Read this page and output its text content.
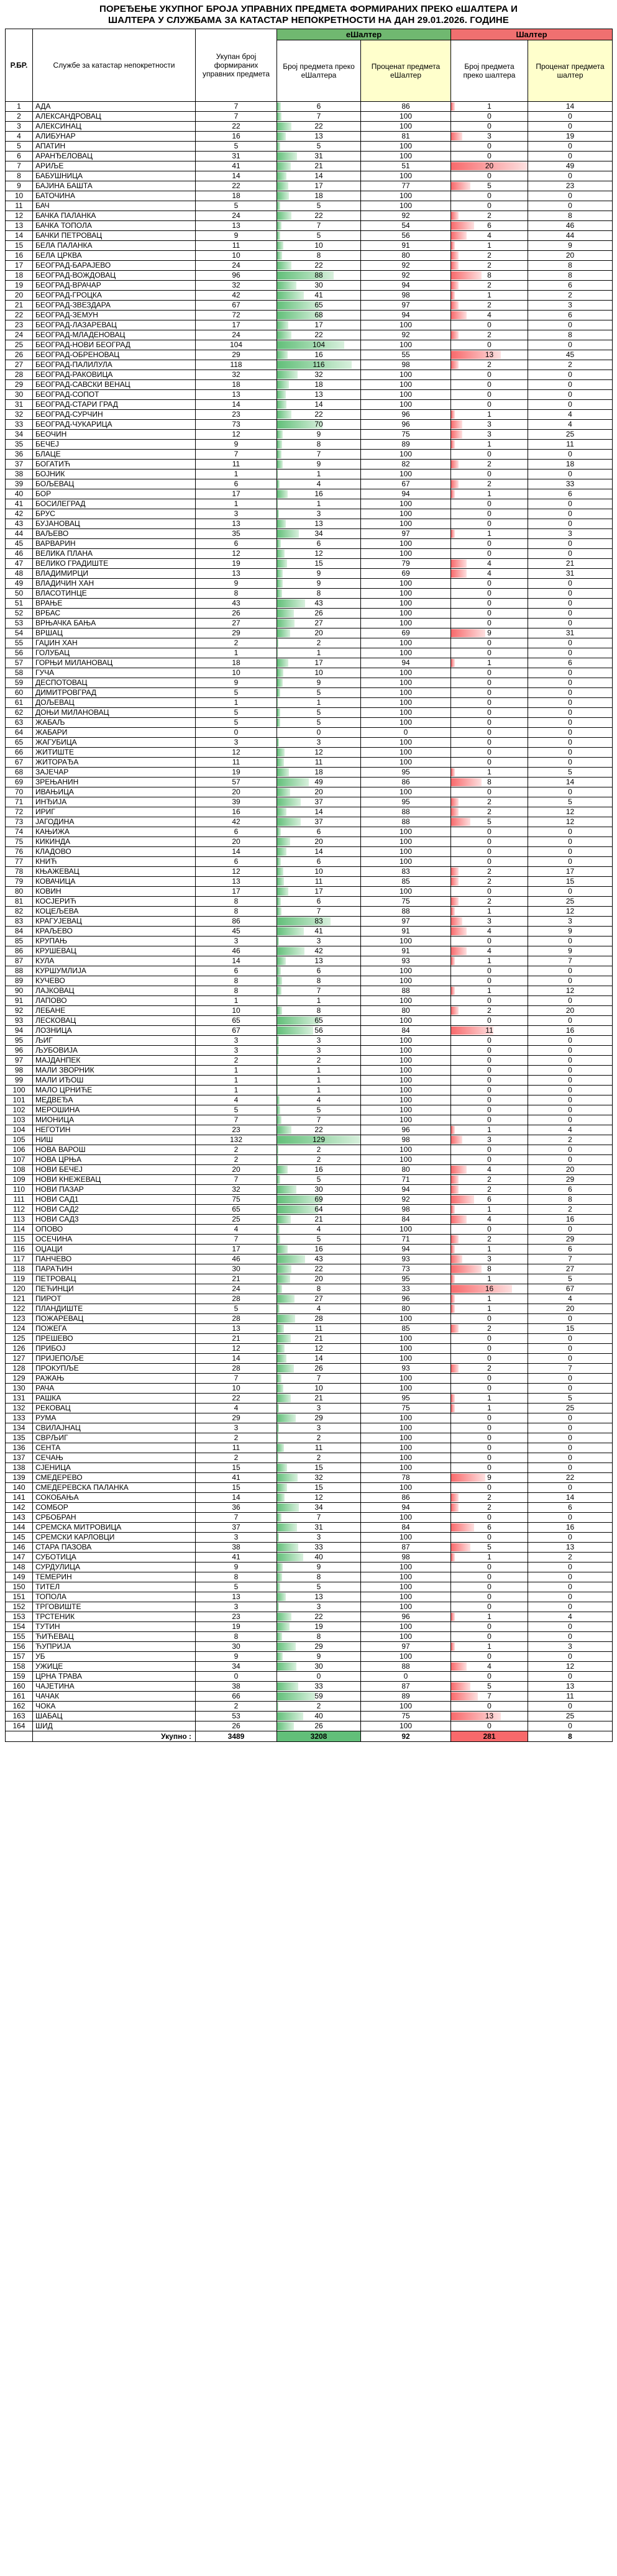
ПОРЕЂЕЊЕ УКУПНОГ БРОЈА УПРАВНИХ ПРЕДМЕТА ФОРМИРАНИХ ПРЕКО еШАЛТЕРА И
ШАЛТЕРА У СЛУЖБАМА ЗА КАТАСТАР НЕПОКРЕТНОСТИ НА ДАН 29.01.2026. ГОДИНЕ
Р.БР.	Службе за катастар непокретности	Укупан број формираних управних предмета	еШалтер		Шалтер	
			Број предмета преко еШалтера	Проценат предмета еШалтер	Број предмета преко шалтера	Проценат предмета шалтер
1	АДА	7	6	86	1	14
2	АЛЕКСАНДРОВАЦ	7	7	100	0	0
3	АЛЕКСИНАЦ	22	22	100	0	0
4	АЛИБУНАР	16	13	81	3	19
5	АПАТИН	5	5	100	0	0
6	АРАНЂЕЛОВАЦ	31	31	100	0	0
7	АРИЉЕ	41	21	51	20	49
8	БАБУШНИЦА	14	14	100	0	0
9	БАЈИНА БАШТА	22	17	77	5	23
10	БАТОЧИНА	18	18	100	0	0
11	БАЧ	5	5	100	0	0
12	БАЧКА ПАЛАНКА	24	22	92	2	8
13	БАЧКА ТОПОЛА	13	7	54	6	46
14	БАЧКИ ПЕТРОВАЦ	9	5	56	4	44
15	БЕЛА ПАЛАНКА	11	10	91	1	9
16	БЕЛА ЦРКВА	10	8	80	2	20
17	БЕОГРАД-БАРАЈЕВО	24	22	92	2	8
18	БЕОГРАД-ВОЖДОВАЦ	96	88	92	8	8
19	БЕОГРАД-ВРАЧАР	32	30	94	2	6
20	БЕОГРАД-ГРОЦКА	42	41	98	1	2
21	БЕОГРАД-ЗВЕЗДАРА	67	65	97	2	3
22	БЕОГРАД-ЗЕМУН	72	68	94	4	6
23	БЕОГРАД-ЛАЗАРЕВАЦ	17	17	100	0	0
24	БЕОГРАД-МЛАДЕНОВАЦ	24	22	92	2	8
25	БЕОГРАД-НОВИ БЕОГРАД	104	104	100	0	0
26	БЕОГРАД-ОБРЕНОВАЦ	29	16	55	13	45
27	БЕОГРАД-ПАЛИЛУЛА	118	116	98	2	2
28	БЕОГРАД-РАКОВИЦА	32	32	100	0	0
29	БЕОГРАД-САВСКИ ВЕНАЦ	18	18	100	0	0
30	БЕОГРАД-СОПОТ	13	13	100	0	0
31	БЕОГРАД-СТАРИ ГРАД	14	14	100	0	0
32	БЕОГРАД-СУРЧИН	23	22	96	1	4
33	БЕОГРАД-ЧУКАРИЦА	73	70	96	3	4
34	БЕОЧИН	12	9	75	3	25
35	БЕЧЕЈ	9	8	89	1	11
36	БЛАЦЕ	7	7	100	0	0
37	БОГАТИЋ	11	9	82	2	18
38	БОЈНИК	1	1	100	0	0
39	БОЉЕВАЦ	6	4	67	2	33
40	БОР	17	16	94	1	6
41	БОСИЛЕГРАД	1	1	100	0	0
42	БРУС	3	3	100	0	0
43	БУЈАНОВАЦ	13	13	100	0	0
44	ВАЉЕВО	35	34	97	1	3
45	ВАРВАРИН	6	6	100	0	0
46	ВЕЛИКА ПЛАНА	12	12	100	0	0
47	ВЕЛИКО ГРАДИШТЕ	19	15	79	4	21
48	ВЛАДИМИРЦИ	13	9	69	4	31
49	ВЛАДИЧИН ХАН	9	9	100	0	0
50	ВЛАСОТИНЦЕ	8	8	100	0	0
51	ВРАЊЕ	43	43	100	0	0
52	ВРБАС	26	26	100	0	0
53	ВРЊАЧКА БАЊА	27	27	100	0	0
54	ВРШАЦ	29	20	69	9	31
55	ГАЏИН ХАН	2	2	100	0	0
56	ГОЛУБАЦ	1	1	100	0	0
57	ГОРЊИ МИЛАНОВАЦ	18	17	94	1	6
58	ГУЧА	10	10	100	0	0
59	ДЕСПОТОВАЦ	9	9	100	0	0
60	ДИМИТРОВГРАД	5	5	100	0	0
61	ДОЉЕВАЦ	1	1	100	0	0
62	ДОЊИ МИЛАНОВАЦ	5	5	100	0	0
63	ЖАБАЉ	5	5	100	0	0
64	ЖАБАРИ	0	0	0	0	0
65	ЖАГУБИЦА	3	3	100	0	0
66	ЖИТИШТЕ	12	12	100	0	0
67	ЖИТОРАЂА	11	11	100	0	0
68	ЗАЈЕЧАР	19	18	95	1	5
69	ЗРЕЊАНИН	57	49	86	8	14
70	ИВАЊИЦА	20	20	100	0	0
71	ИНЂИЈА	39	37	95	2	5
72	ИРИГ	16	14	88	2	12
73	ЈАГОДИНА	42	37	88	5	12
74	КАЊИЖА	6	6	100	0	0
75	КИКИНДА	20	20	100	0	0
76	КЛАДОВО	14	14	100	0	0
77	КНИЋ	6	6	100	0	0
78	КЊАЖЕВАЦ	12	10	83	2	17
79	КОВАЧИЦА	13	11	85	2	15
80	КОВИН	17	17	100	0	0
81	КОСЈЕРИЋ	8	6	75	2	25
82	КОЦЕЉЕВА	8	7	88	1	12
83	КРАГУЈЕВАЦ	86	83	97	3	3
84	КРАЉЕВО	45	41	91	4	9
85	КРУПАЊ	3	3	100	0	0
86	КРУШЕВАЦ	46	42	91	4	9
87	КУЛА	14	13	93	1	7
88	КУРШУМЛИЈА	6	6	100	0	0
89	КУЧЕВО	8	8	100	0	0
90	ЛАЈКОВАЦ	8	7	88	1	12
91	ЛАПОВО	1	1	100	0	0
92	ЛЕБАНЕ	10	8	80	2	20
93	ЛЕСКОВАЦ	65	65	100	0	0
94	ЛОЗНИЦА	67	56	84	11	16
95	ЉИГ	3	3	100	0	0
96	ЉУБОВИЈА	3	3	100	0	0
97	МАЈДАНПЕК	2	2	100	0	0
98	МАЛИ ЗВОРНИК	1	1	100	0	0
99	МАЛИ ИЂОШ	1	1	100	0	0
100	МАЛО ЦРНИЋЕ	1	1	100	0	0
101	МЕДВЕЂА	4	4	100	0	0
102	МЕРОШИНА	5	5	100	0	0
103	МИОНИЦА	7	7	100	0	0
104	НЕГОТИН	23	22	96	1	4
105	НИШ	132	129	98	3	2
106	НОВА ВАРОШ	2	2	100	0	0
107	НОВА ЦРЊА	2	2	100	0	0
108	НОВИ БЕЧЕЈ	20	16	80	4	20
109	НОВИ КНЕЖЕВАЦ	7	5	71	2	29
110	НОВИ ПАЗАР	32	30	94	2	6
111	НОВИ САД1	75	69	92	6	8
112	НОВИ САД2	65	64	98	1	2
113	НОВИ САД3	25	21	84	4	16
114	ОПОВО	4	4	100	0	0
115	ОСЕЧИНА	7	5	71	2	29
116	ОЏАЦИ	17	16	94	1	6
117	ПАНЧЕВО	46	43	93	3	7
118	ПАРАЋИН	30	22	73	8	27
119	ПЕТРОВАЦ	21	20	95	1	5
120	ПЕЋИНЦИ	24	8	33	16	67
121	ПИРОТ	28	27	96	1	4
122	ПЛАНДИШТЕ	5	4	80	1	20
123	ПОЖАРЕВАЦ	28	28	100	0	0
124	ПОЖЕГА	13	11	85	2	15
125	ПРЕШЕВО	21	21	100	0	0
126	ПРИБОЈ	12	12	100	0	0
127	ПРИЈЕПОЉЕ	14	14	100	0	0
128	ПРОКУПЉЕ	28	26	93	2	7
129	РАЖАЊ	7	7	100	0	0
130	РАЧА	10	10	100	0	0
131	РАШКА	22	21	95	1	5
132	РЕКОВАЦ	4	3	75	1	25
133	РУМА	29	29	100	0	0
134	СВИЛАЈНАЦ	3	3	100	0	0
135	СВРЉИГ	2	2	100	0	0
136	СЕНТА	11	11	100	0	0
137	СЕЧАЊ	2	2	100	0	0
138	СЈЕНИЦА	15	15	100	0	0
139	СМЕДЕРЕВО	41	32	78	9	22
140	СМЕДЕРЕВСКА ПАЛАНКА	15	15	100	0	0
141	СОКОБАЊА	14	12	86	2	14
142	СОМБОР	36	34	94	2	6
143	СРБОБРАН	7	7	100	0	0
144	СРЕМСКА МИТРОВИЦА	37	31	84	6	16
145	СРЕМСКИ КАРЛОВЦИ	3	3	100	0	0
146	СТАРА ПАЗОВА	38	33	87	5	13
147	СУБОТИЦА	41	40	98	1	2
148	СУРДУЛИЦА	9	9	100	0	0
149	ТЕМЕРИН	8	8	100	0	0
150	ТИТЕЛ	5	5	100	0	0
151	ТОПОЛА	13	13	100	0	0
152	ТРГОВИШТЕ	3	3	100	0	0
153	ТРСТЕНИК	23	22	96	1	4
154	ТУТИН	19	19	100	0	0
155	ЋИЋЕВАЦ	8	8	100	0	0
156	ЋУПРИЈА	30	29	97	1	3
157	УБ	9	9	100	0	0
158	УЖИЦЕ	34	30	88	4	12
159	ЦРНА ТРАВА	0	0	0	0	0
160	ЧАЈЕТИНА	38	33	87	5	13
161	ЧАЧАК	66	59	89	7	11
162	ЧОКА	2	2	100	0	0
163	ШАБАЦ	53	40	75	13	25
164	ШИД	26	26	100	0	0
	Укупно :	3489	3208	92	281	8
